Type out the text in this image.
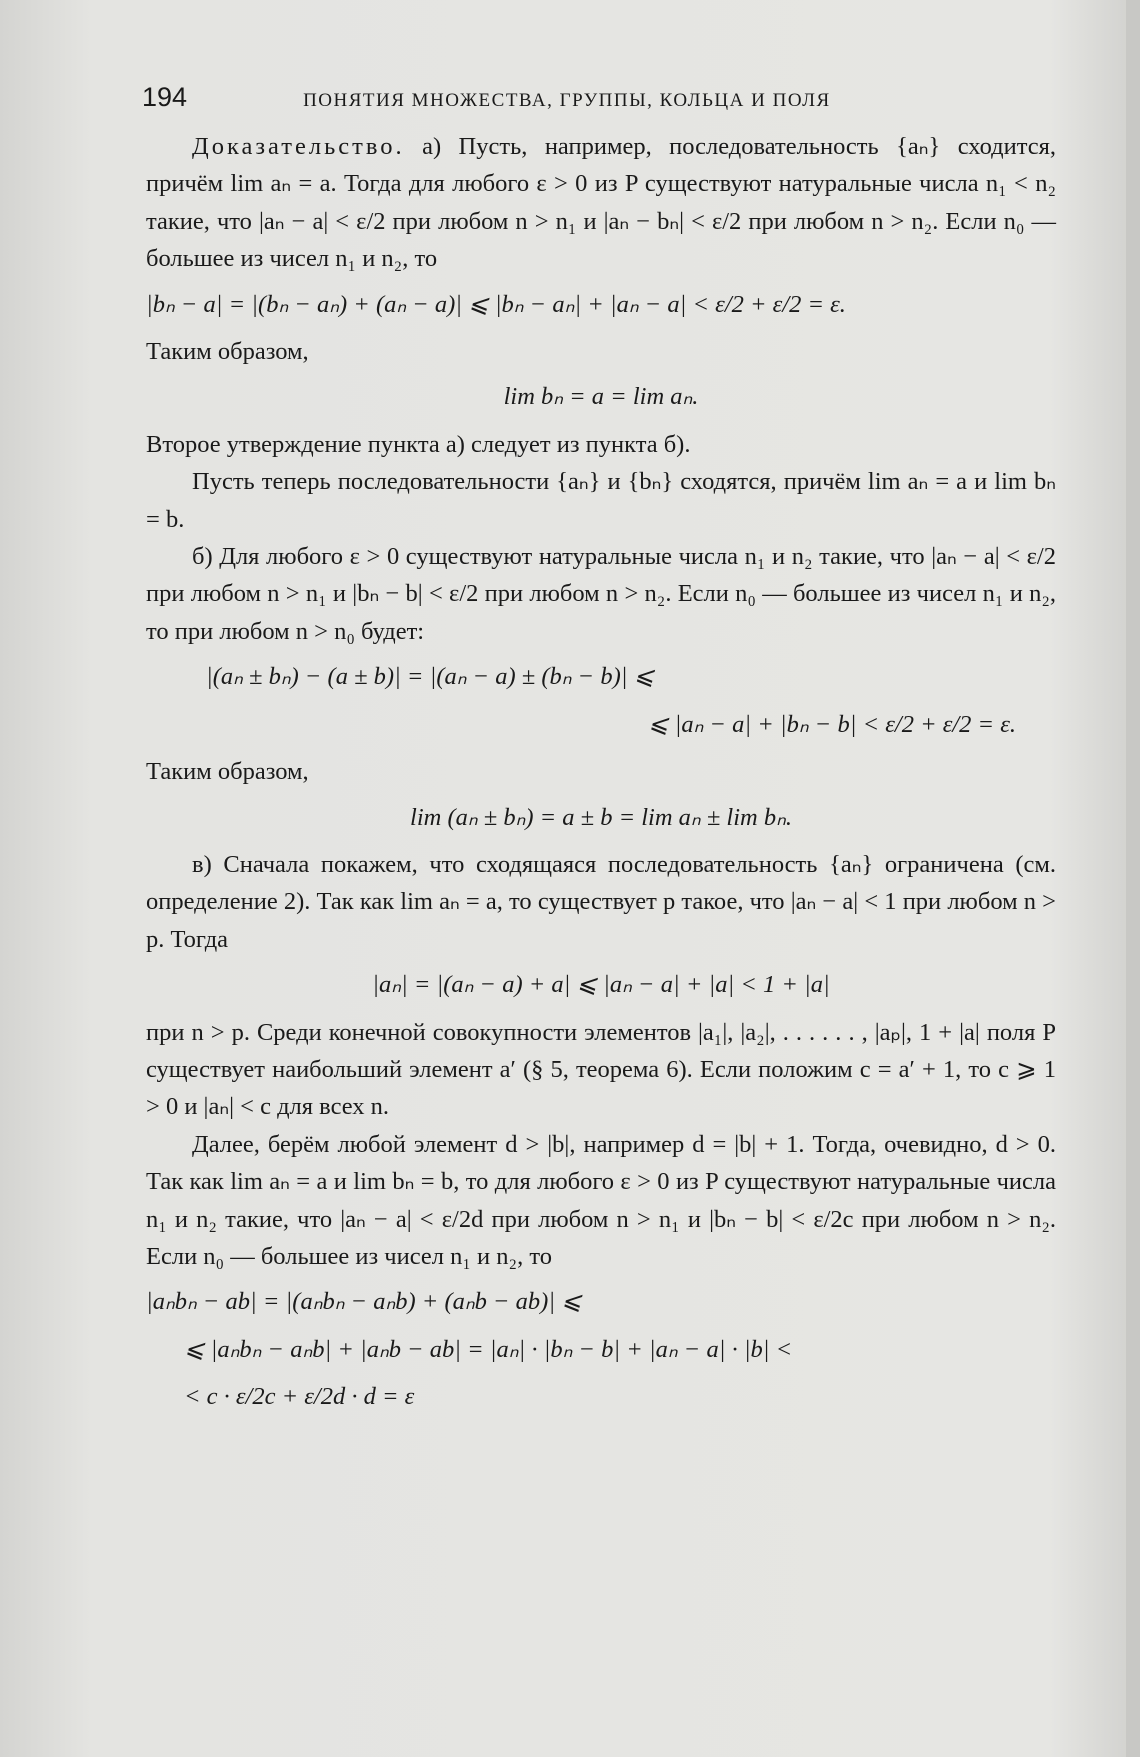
194	ПОНЯТИЯ МНОЖЕСТВА, ГРУППЫ, КОЛЬЦА И ПОЛЯ

Доказательство. а) Пусть, например, последовательность {aₙ} сходится, причём lim aₙ = a. Тогда для любого ε > 0 из P существуют натуральные числа n₁ < n₂ такие, что |aₙ − a| < ε/2 при любом n > n₁ и |aₙ − bₙ| < ε/2 при любом n > n₂. Если n₀ — большее из чисел n₁ и n₂, то

|bₙ − a| = |(bₙ − aₙ) + (aₙ − a)| ⩽ |bₙ − aₙ| + |aₙ − a| < ε/2 + ε/2 = ε.

Таким образом,

lim bₙ = a = lim aₙ.

Второе утверждение пункта а) следует из пункта б).

Пусть теперь последовательности {aₙ} и {bₙ} сходятся, причём lim aₙ = a и lim bₙ = b.

б) Для любого ε > 0 существуют натуральные числа n₁ и n₂ такие, что |aₙ − a| < ε/2 при любом n > n₁ и |bₙ − b| < ε/2 при любом n > n₂. Если n₀ — большее из чисел n₁ и n₂, то при любом n > n₀ будет:

|(aₙ ± bₙ) − (a ± b)| = |(aₙ − a) ± (bₙ − b)| ⩽
⩽ |aₙ − a| + |bₙ − b| < ε/2 + ε/2 = ε.

Таким образом,

lim (aₙ ± bₙ) = a ± b = lim aₙ ± lim bₙ.

в) Сначала покажем, что сходящаяся последовательность {aₙ} ограничена (см. определение 2). Так как lim aₙ = a, то существует p такое, что |aₙ − a| < 1 при любом n > p. Тогда

|aₙ| = |(aₙ − a) + a| ⩽ |aₙ − a| + |a| < 1 + |a|

при n > p. Среди конечной совокупности элементов |a₁|, |a₂|, . . . . . . , |aₚ|, 1 + |a| поля P существует наибольший элемент a′ (§ 5, теорема 6). Если положим c = a′ + 1, то c ⩾ 1 > 0 и |aₙ| < c для всех n.

Далее, берём любой элемент d > |b|, например d = |b| + 1. Тогда, очевидно, d > 0. Так как lim aₙ = a и lim bₙ = b, то для любого ε > 0 из P существуют натуральные числа n₁ и n₂ такие, что |aₙ − a| < ε/2d при любом n > n₁ и |bₙ − b| < ε/2c при любом n > n₂. Если n₀ — большее из чисел n₁ и n₂, то

|aₙbₙ − ab| = |(aₙbₙ − aₙb) + (aₙb − ab)| ⩽
⩽ |aₙbₙ − aₙb| + |aₙb − ab| = |aₙ| · |bₙ − b| + |aₙ − a| · |b| <
< c · ε/2c + ε/2d · d = ε
